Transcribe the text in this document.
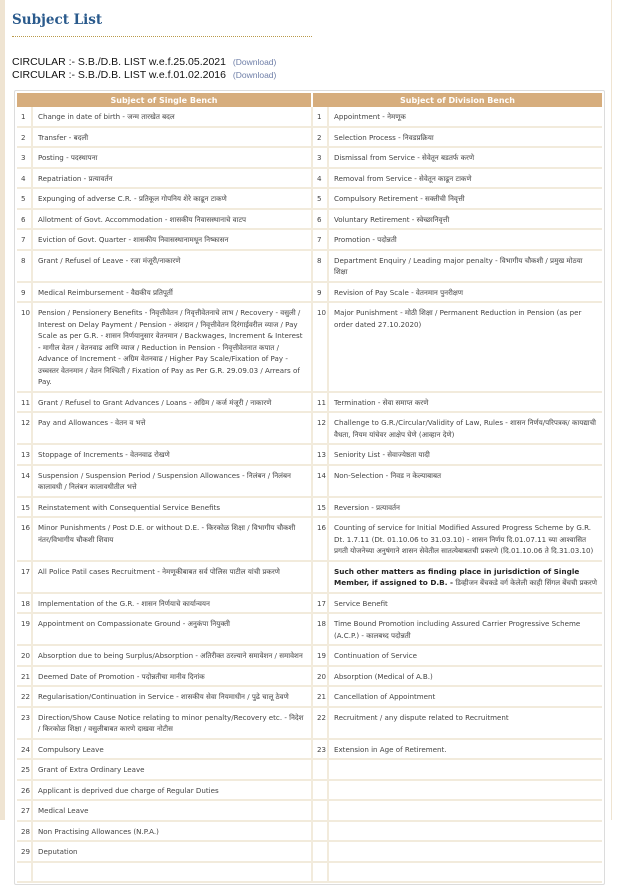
Subject List
CIRCULAR :- S.B./D.B. LIST w.e.f.25.05.2021 (Download)
CIRCULAR :- S.B./D.B. LIST w.e.f.01.02.2016 (Download)
Subject of Single Bench		Subject of Division Bench	
1	Change in date of birth - जन्म तारखेत बदल	1	Appointment - नेमणूक
2	Transfer - बदली	2	Selection Process - निवडप्रक्रिया
3	Posting - पदस्थापना	3	Dismissal from Service - सेवेतून बडतर्फ करणे
4	Repatriation - प्रत्यावर्तन	4	Removal from Service - सेवेतून काढून टाकणे
5	Expunging of adverse C.R. - प्रतिकूल गोपनिय शेरे काढून टाकणे	5	Compulsory Retirement - सक्तीची निवृत्ती
6	Allotment of Govt. Accommodation - शासकीय निवासस्थानाचे वाटप	6	Voluntary Retirement - स्वेच्छानिवृत्ती
7	Eviction of Govt. Quarter - शासकीय निवासस्थानामधून निष्कासन	7	Promotion - पदोन्नती
8	Grant / Refusel of Leave - रजा मंजूरी/नाकारणे	8	Department Enquiry / Leading major penalty - विभागीय चौकशी / प्रमुख मोठया शिक्षा
9	Medical Reimbursement - वैद्यकीय प्रतिपूर्ती	9	Revision of Pay Scale - वेतनमान पुनरीक्षण
10	Pension / Pensionery Benefits - निवृत्तीवेतन / निवृत्तीवेतनाचे लाभ / Recovery - वसुली / Interest on Delay Payment / Pension - अंशदान / निवृत्तीवेतन दिरंगाईवरील व्याज / Pay Scale as per G.R. - शासन निर्णयानुसार वेतनमान / Backwages, Increment & Interest - मागील वेतन / वेतनवाढ आणि व्याज / Reduction in Pension - निवृत्तीवेतनात कपात / Advance of Increment - अग्रिम वेतनवाढ / Higher Pay Scale/Fixation of Pay - उच्चस्तर वेतनमान / वेतन निश्चिती / Fixation of Pay as Per G.R. 29.09.03 / Arrears of Pay.	10	Major Punishment - मोठी शिक्षा / Permanent Reduction in Pension (as per order dated 27.10.2020)
11	Grant / Refusel to Grant Advances / Loans - अग्रिम / कर्ज मंजूरी / नाकारणे	11	Termination - सेवा समाप्त करणे
12	Pay and Allowances - वेतन व भत्ते	12	Challenge to G.R./Circular/Validity of Law, Rules - शासन निर्णय/परिपत्रक/ कायद्याची वैधता, नियम यांचेवर आक्षेप घेणे (आव्हान देणे)
13	Stoppage of Increments - वेतनवाढ रोखणे	13	Seniority List - सेवाज्येष्ठता यादी
14	Suspension / Suspension Period / Suspension Allowances - निलंबन / निलंबन कालावधी / निलंबन कालावधीतील भत्ते	14	Non-Selection - निवड न केल्याबाबत
15	Reinstatement with Consequential Service Benefits	15	Reversion - प्रत्यावर्तन
16	Minor Punishments / Post D.E. or without D.E. - किरकोळ शिक्षा / विभागीय चौकशी नंतर/विभागीय चौकशी शिवाय	16	Counting of service for Initial Modified Assured Progress Scheme by G.R. Dt. 1.7.11 (Dt. 01.10.06 to 31.03.10) - शासन निर्णय दि.01.07.11 च्या आश्वासित प्रगती योजनेच्या अनुषंगाने शासन सेवेतील सातत्येबाबतची प्रकरणे (दि.01.10.06 ते दि.31.03.10)
17	All Police Patil cases Recruitment - नेमणूकीबाबत सर्व पोलिस पाटील यांची प्रकरणे		Such other matters as finding place in jurisdiction of Single Member, if assigned to D.B. - डिव्हीजन बेंचकडे वर्ग केलेली काही सिंगल बेंचची प्रकरणे
18	Implementation of the G.R. - शासन निर्णयाचे कार्यान्वयन	17	Service Benefit
19	Appointment on Compassionate Ground - अनुकंपा नियुक्ती	18	Time Bound Promotion including Assured Carrier Progressive Scheme (A.C.P.) - कालबध्द पदोन्नती
20	Absorption due to being Surplus/Absorption - अतिरीक्त ठरल्याने समावेशन / समावेशन	19	Continuation of Service
21	Deemed Date of Promotion - पदोन्नतीचा मानीव दिनांक	20	Absorption (Medical of A.B.)
22	Regularisation/Continuation in Service - शासकीय सेवा नियमाधीन / पुढे चालू ठेवणे	21	Cancellation of Appointment
23	Direction/Show Cause Notice relating to minor penalty/Recovery etc. - निदेश / किरकोळ शिक्षा / वसुलीबाबत कारणे दाखवा नोटीस	22	Recruitment / any dispute related to Recruitment
24	Compulsory Leave	23	Extension in Age of Retirement.
25	Grant of Extra Ordinary Leave		
26	Applicant is deprived due charge of Regular Duties		
27	Medical Leave		
28	Non Practising Allowances (N.P.A.)		
29	Deputation		
